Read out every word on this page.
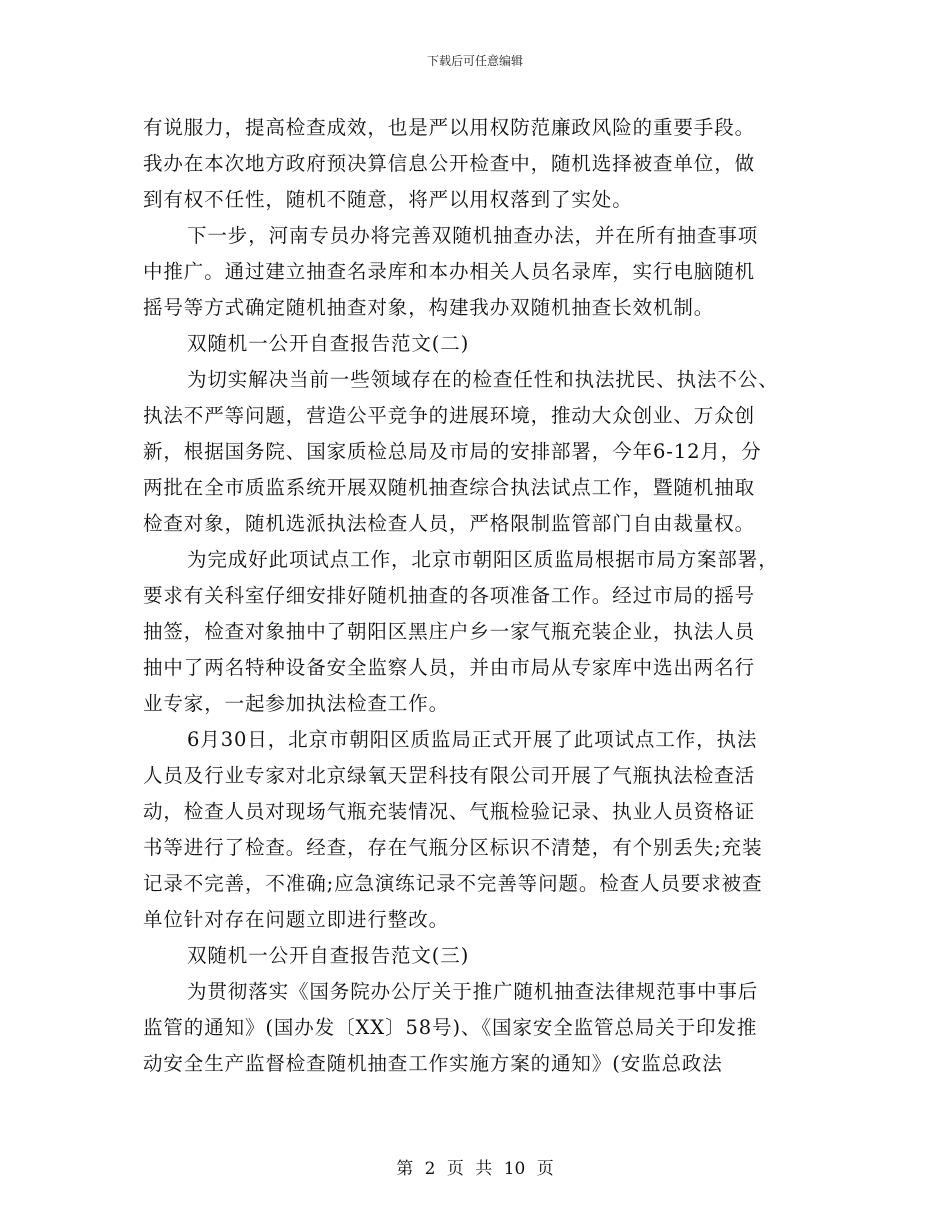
下载后可任意编辑
有说服力，提高检查成效，也是严以用权防范廉政风险的重要手段。
我办在本次地方政府预决算信息公开检查中，随机选择被查单位，做
到有权不任性，随机不随意，将严以用权落到了实处。
下一步，河南专员办将完善双随机抽查办法，并在所有抽查事项
中推广。通过建立抽查名录库和本办相关人员名录库，实行电脑随机
摇号等方式确定随机抽查对象，构建我办双随机抽查长效机制。
双随机一公开自查报告范文(二)
为切实解决当前一些领域存在的检查任性和执法扰民、执法不公、
执法不严等问题，营造公平竞争的进展环境，推动大众创业、万众创
新，根据国务院、国家质检总局及市局的安排部署，今年6-12月，分
两批在全市质监系统开展双随机抽查综合执法试点工作，暨随机抽取
检查对象，随机选派执法检查人员，严格限制监管部门自由裁量权。
为完成好此项试点工作，北京市朝阳区质监局根据市局方案部署，
要求有关科室仔细安排好随机抽查的各项准备工作。经过市局的摇号
抽签，检查对象抽中了朝阳区黑庄户乡一家气瓶充装企业，执法人员
抽中了两名特种设备安全监察人员，并由市局从专家库中选出两名行
业专家，一起参加执法检查工作。
6月30日，北京市朝阳区质监局正式开展了此项试点工作，执法
人员及行业专家对北京绿氧天罡科技有限公司开展了气瓶执法检查活
动，检查人员对现场气瓶充装情况、气瓶检验记录、执业人员资格证
书等进行了检查。经查，存在气瓶分区标识不清楚，有个别丢失;充装
记录不完善，不准确;应急演练记录不完善等问题。检查人员要求被查
单位针对存在问题立即进行整改。
双随机一公开自查报告范文(三)
为贯彻落实《国务院办公厅关于推广随机抽查法律规范事中事后
监管的通知》(国办发〔XX〕58号)、《国家安全监管总局关于印发推
动安全生产监督检查随机抽查工作实施方案的通知》(安监总政法
第 2 页 共 10 页
